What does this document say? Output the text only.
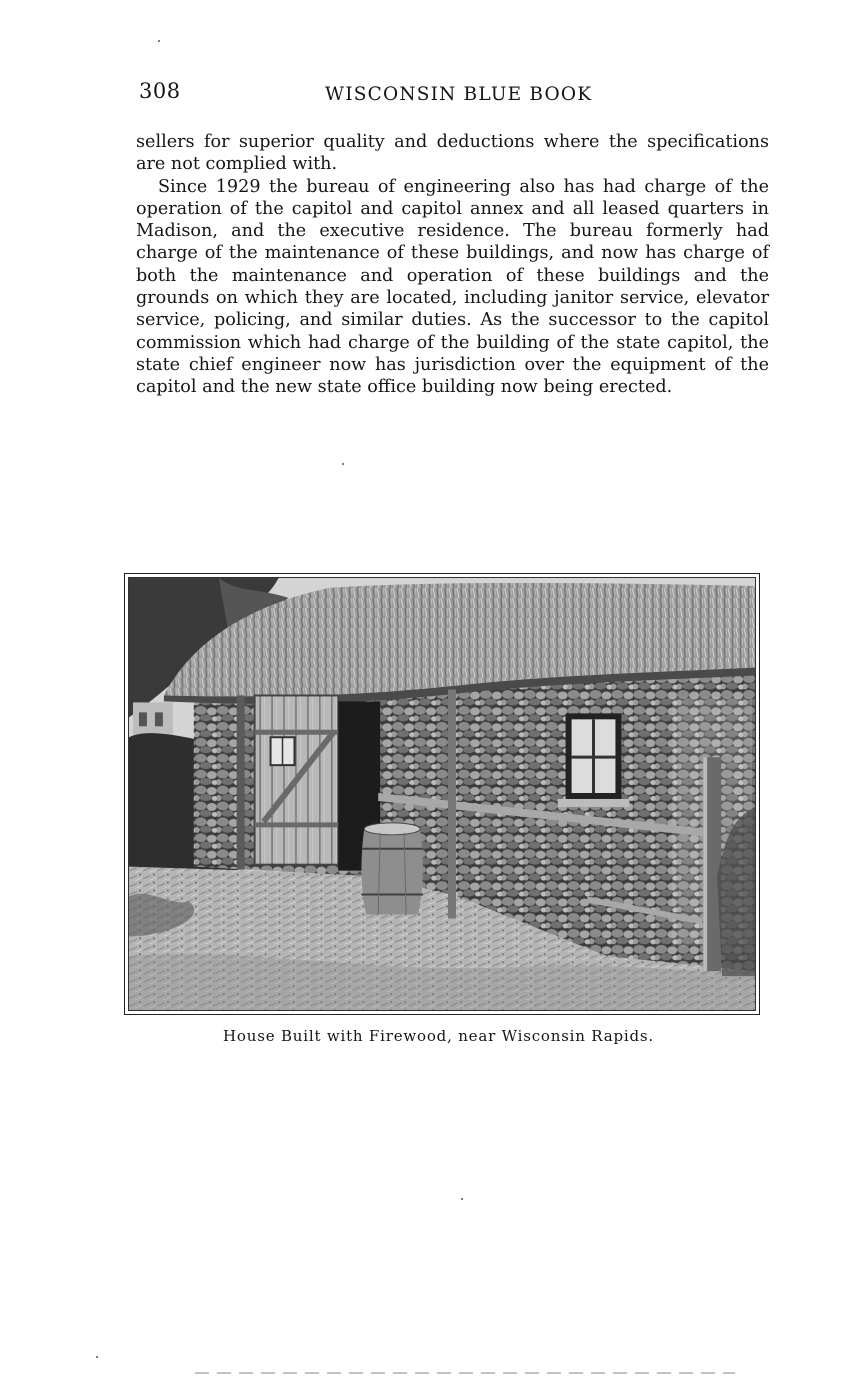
308	WISCONSIN BLUE BOOK

sellers for superior quality and deductions where the specifications are not complied with.

Since 1929 the bureau of engineering also has had charge of the operation of the capitol and capitol annex and all leased quarters in Madison, and the executive residence. The bureau formerly had charge of the maintenance of these buildings, and now has charge of both the maintenance and operation of these buildings and the grounds on which they are located, including janitor service, elevator service, policing, and similar duties. As the successor to the capitol commission which had charge of the building of the state capitol, the state chief engineer now has jurisdiction over the equipment of the capitol and the new state office building now being erected.

House Built with Firewood, near Wisconsin Rapids.
